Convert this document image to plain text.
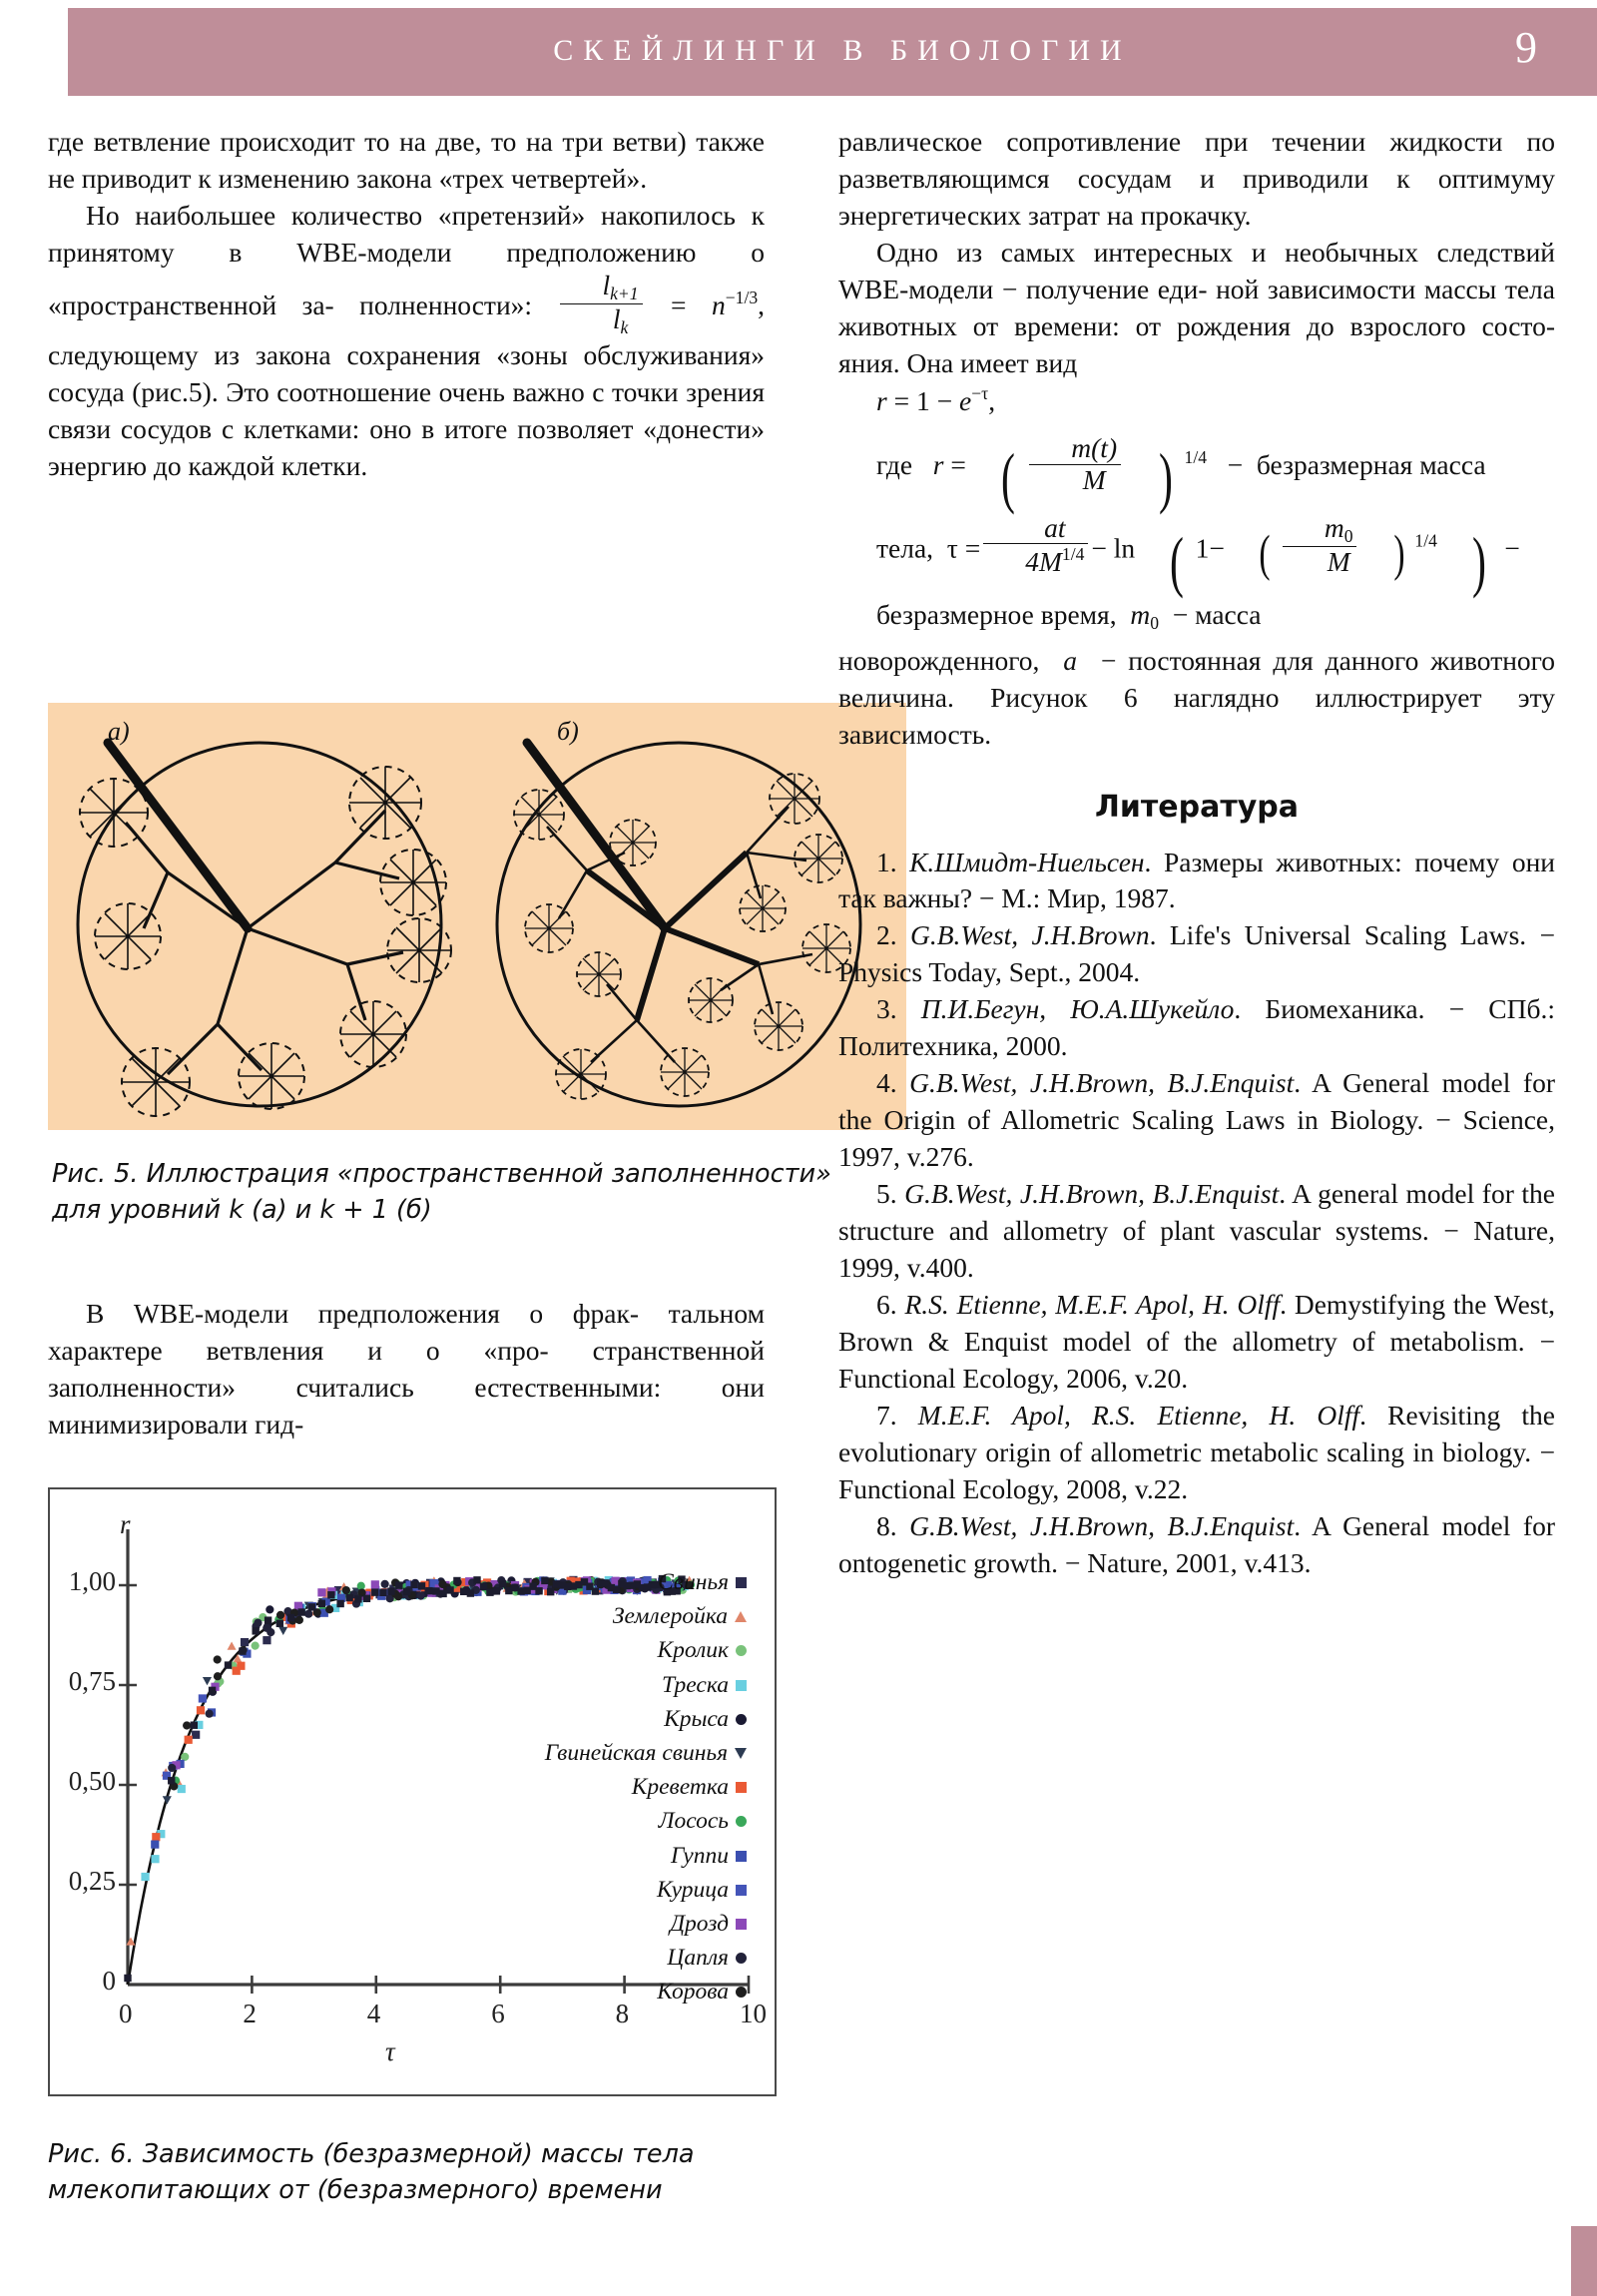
СКЕЙЛИНГИ В БИОЛОГИИ	9

где ветвление происходит то на две, то на три ветви) также не приводит к изменению закона «трех четвертей».

Но наибольшее количество «претензий» накопилось к принятому в WBE-модели предположению о «пространственной за- полненности»: $\frac{l_{k+1}}{l_k} = n^{-1/3}$, следующему из закона сохранения «зоны обслуживания» сосуда (рис.5). Это соотношение очень важно с точки зрения связи сосудов с клетками: оно в итоге позволяет «донести» энергию до каждой клетки.

В WBE-модели предположения о фрак- тальном характере ветвления и о «про- странственной заполненности» считались естественными: они минимизировали гид-

а)	б)
Рис. 5. Иллюстрация «пространственной заполненности» для уровний k (а) и k + 1 (б)
Свинья
Землеройка
Кролик
Треска
Крыса
Гвинейская свинья
Креветка
Лосось
Гуппи
Курица
Дрозд
Цапля
Корова
r
τ
0
0,25
0,50
0,75
1,00
0	2	4	6	8	10
Рис. 6. Зависимость (безразмерной) массы тела млекопитающих от (безразмерного) времени

равлическое сопротивление при течении жидкости по разветвляющимся сосудам и приводили к оптимуму энергетических затрат на прокачку.

Одно из самых интересных и необычных следствий WBE-модели − получение еди- ной зависимости массы тела животных от времени: от рождения до взрослого состо- яния. Она имеет вид

$r = 1 - e^{-\tau}$,

где r = ( $\frac{m(t)}{M}$ ) $^{1/4}$ − безразмерная масса

тела, $\tau = \frac{at}{4M^{1/4}} - \ln$ ( 1− ( $\frac{m_0}{M}$ ) $^{1/4}$ ) −

безразмерное время, $m_0$ − масса

новорожденного, a − постоянная для данного животного величина. Рисунок 6 наглядно иллюстрирует эту зависимость.

Литература

1. К.Шмидт-Ниельсен. Размеры животных: почему они так важны? − М.: Мир, 1987.

2. G.B.West, J.H.Brown. Life's Universal Scaling Laws. − Physics Today, Sept., 2004.

3. П.И.Бегун, Ю.А.Шукейло. Биомеханика. − СПб.: Политехника, 2000.

4. G.B.West, J.H.Brown, B.J.Enquist. A General model for the Origin of Allometric Scaling Laws in Biology. − Science, 1997, v.276.

5. G.B.West, J.H.Brown, B.J.Enquist. A general model for the structure and allometry of plant vascular systems. − Nature, 1999, v.400.

6. R.S. Etienne, M.E.F. Apol, H. Olff. Demystifying the West, Brown & Enquist model of the allometry of metabolism. − Functional Ecology, 2006, v.20.

7. M.E.F. Apol, R.S. Etienne, H. Olff. Revisiting the evolutionary origin of allometric metabolic scaling in biology. − Functional Ecology, 2008, v.22.

8. G.B.West, J.H.Brown, B.J.Enquist. A General model for ontogenetic growth. − Nature, 2001, v.413.
